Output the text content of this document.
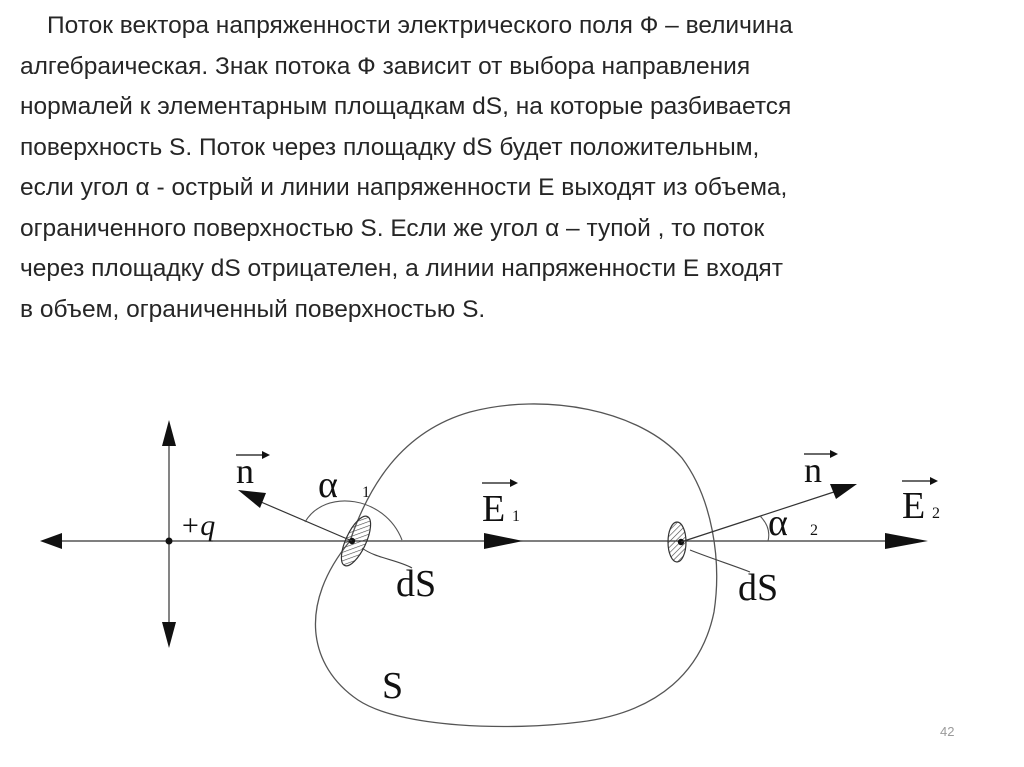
Поток вектора напряженности электрического поля Ф – величина
алгебраическая. Знак потока Ф зависит от выбора направления
нормалей к элементарным площадкам dS, на которые разбивается
поверхность S. Поток через площадку dS будет положительным,
если угол α - острый и линии напряженности Е выходят из объема,
ограниченного поверхностью S. Если же угол α – тупой , то поток
через площадку dS отрицателен, а линии напряженности Е входят
в объем, ограниченный поверхностью S.
+q
n α 1	E 1
dS
n
α 2
E 2
dS
S
42
